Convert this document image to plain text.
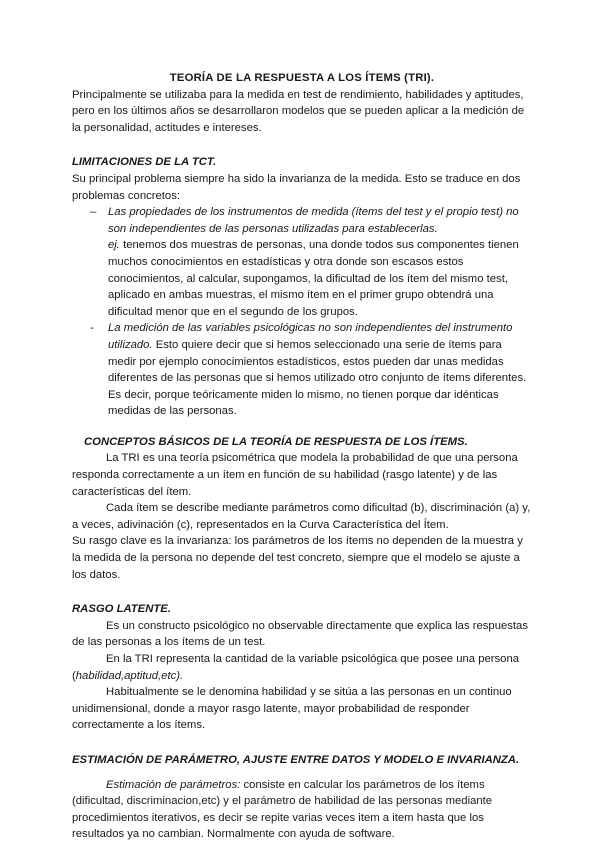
TEORÍA DE LA RESPUESTA A LOS ÍTEMS (TRI).

Principalmente se utilizaba para la medida en test de rendimiento, habilidades y aptitudes, pero en los últimos años se desarrollaron modelos que se pueden aplicar a la medición de la personalidad, actitudes e intereses.

LIMITACIONES DE LA TCT.

Su principal problema siempre ha sido la invarianza de la medida. Esto se traduce en dos problemas concretos:

– Las propiedades de los instrumentos de medida (ítems del test y el propio test) no son independientes de las personas utilizadas para establecerlas.
ej. tenemos dos muestras de personas, una donde todos sus componentes tienen muchos conocimientos en estadísticas y otra donde son escasos estos conocimientos, al calcular, supongamos, la dificultad de los ítem del mismo test, aplicado en ambas muestras, el mismo ítem en el primer grupo obtendrá una dificultad menor que en el segundo de los grupos.

- La medición de las variables psicológicas no son independientes del instrumento utilizado. Esto quiere decir que si hemos seleccionado una serie de ítems para medir por ejemplo conocimientos estadísticos, estos pueden dar unas medidas diferentes de las personas que si hemos utilizado otro conjunto de ítems diferentes. Es decir, porque teóricamente miden lo mismo, no tienen porque dar idénticas medidas de las personas.

CONCEPTOS BÁSICOS DE LA TEORÍA DE RESPUESTA DE LOS ÍTEMS.

La TRI es una teoría psicométrica que modela la probabilidad de que una persona responda correctamente a un ítem en función de su habilidad (rasgo latente) y de las características del ítem.

Cada ítem se describe mediante parámetros como dificultad (b), discriminación (a) y, a veces, adivinación (c), representados en la Curva Característica del Ítem.

Su rasgo clave es la invarianza: los parámetros de los ítems no dependen de la muestra y la medida de la persona no depende del test concreto, siempre que el modelo se ajuste a los datos.

RASGO LATENTE.

Es un constructo psicológico no observable directamente que explica las respuestas de las personas a los ítems de un test.

En la TRI representa la cantidad de la variable psicológica que posee una persona (habilidad,aptitud,etc).

Habitualmente se le denomina habilidad y se sitúa a las personas en un continuo unidimensional, donde a mayor rasgo latente, mayor probabilidad de responder correctamente a los ítems.

ESTIMACIÓN DE PARÁMETRO, AJUSTE ENTRE DATOS Y MODELO E INVARIANZA.

Estimación de parámetros: consiste en calcular los parámetros de los ítems (dificultad, discriminacion,etc) y el parámetro de habilidad de las personas mediante procedimientos iterativos, es decir se repite varias veces item a item hasta que los resultados ya no cambian. Normalmente con ayuda de software.
